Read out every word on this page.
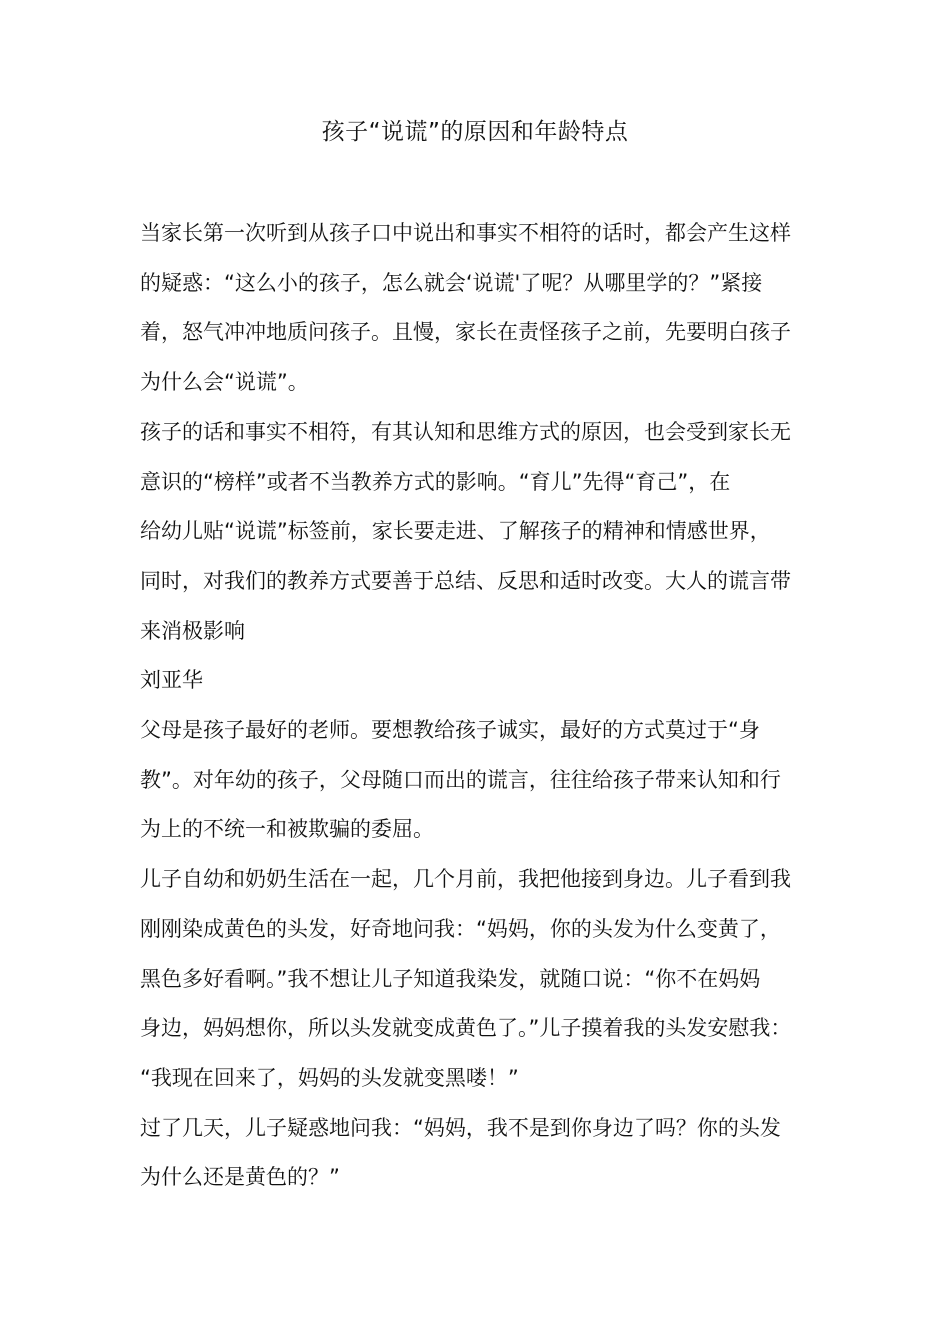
孩子“说谎”的原因和年龄特点

当家长第一次听到从孩子口中说出和事实不相符的话时，都会产生这样
的疑惑：“这么小的孩子，怎么就会‘说谎'了呢？从哪里学的？”紧接
着，怒气冲冲地质问孩子。且慢，家长在责怪孩子之前，先要明白孩子
为什么会“说谎”。

孩子的话和事实不相符，有其认知和思维方式的原因，也会受到家长无
意识的“榜样”或者不当教养方式的影响。“育儿”先得“育己”，在
给幼儿贴“说谎”标签前，家长要走进、了解孩子的精神和情感世界，
同时，对我们的教养方式要善于总结、反思和适时改变。大人的谎言带
来消极影响

刘亚华

父母是孩子最好的老师。要想教给孩子诚实，最好的方式莫过于“身
教”。对年幼的孩子，父母随口而出的谎言，往往给孩子带来认知和行
为上的不统一和被欺骗的委屈。

儿子自幼和奶奶生活在一起，几个月前，我把他接到身边。儿子看到我
刚刚染成黄色的头发，好奇地问我：“妈妈，你的头发为什么变黄了，
黑色多好看啊。”我不想让儿子知道我染发，就随口说：“你不在妈妈
身边，妈妈想你，所以头发就变成黄色了。”儿子摸着我的头发安慰我：
“我现在回来了，妈妈的头发就变黑喽！”

过了几天，儿子疑惑地问我：“妈妈，我不是到你身边了吗？你的头发
为什么还是黄色的？”
